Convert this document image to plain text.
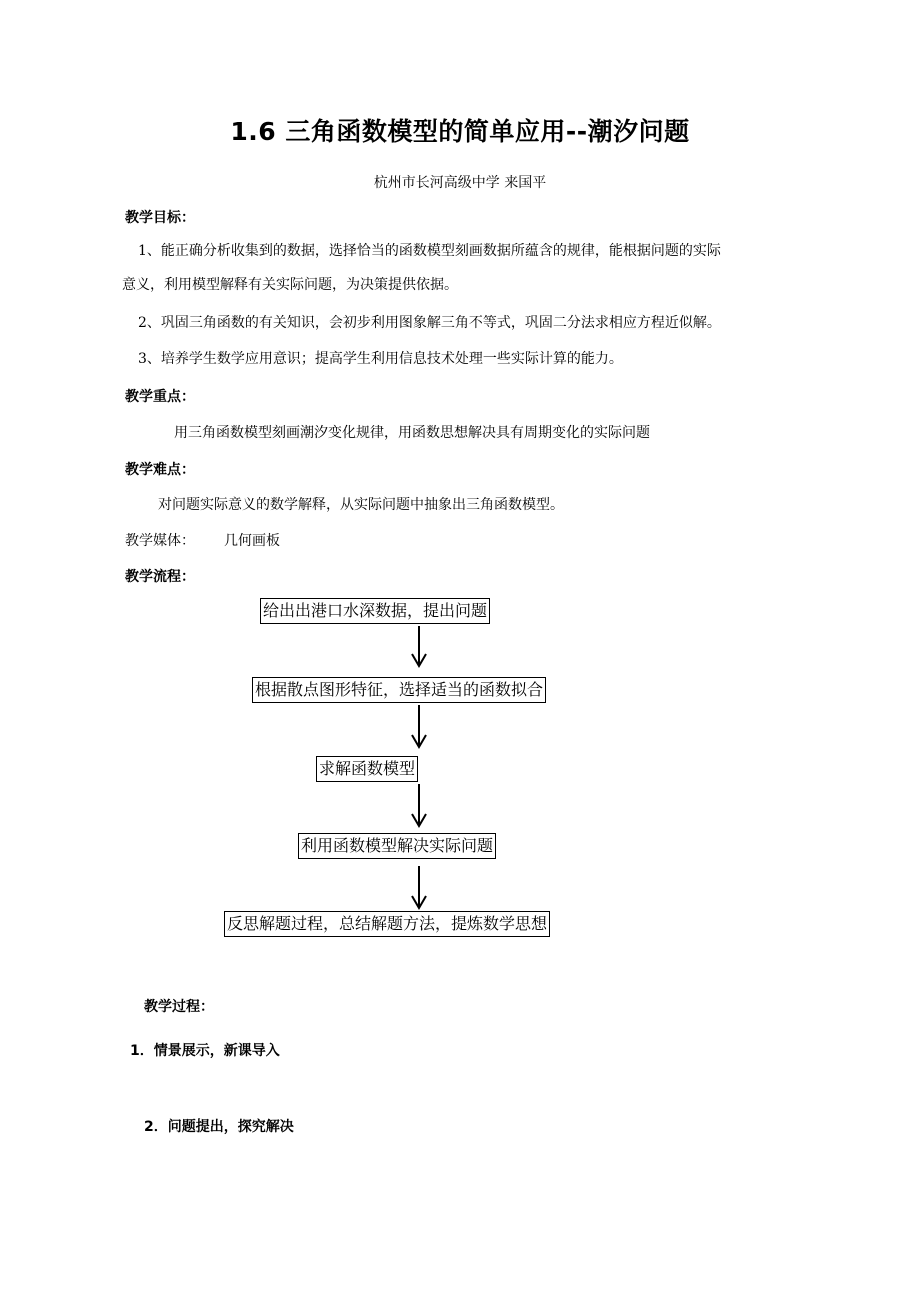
1.6 三角函数模型的简单应用--潮汐问题
杭州市长河高级中学 来国平
教学目标：
1、能正确分析收集到的数据，选择恰当的函数模型刻画数据所蕴含的规律，能根据问题的实际
意义，利用模型解释有关实际问题，为决策提供依据。
2、巩固三角函数的有关知识，会初步利用图象解三角不等式，巩固二分法求相应方程近似解。
3、培养学生数学应用意识；提高学生利用信息技术处理一些实际计算的能力。
教学重点：
用三角函数模型刻画潮汐变化规律，用函数思想解决具有周期变化的实际问题
教学难点：
对问题实际意义的数学解释，从实际问题中抽象出三角函数模型。
教学媒体： 几何画板
教学流程：
给出出港口水深数据，提出问题
根据散点图形特征，选择适当的函数拟合
求解函数模型
利用函数模型解决实际问题
反思解题过程，总结解题方法，提炼数学思想
教学过程：
1．情景展示，新课导入
2．问题提出，探究解决
